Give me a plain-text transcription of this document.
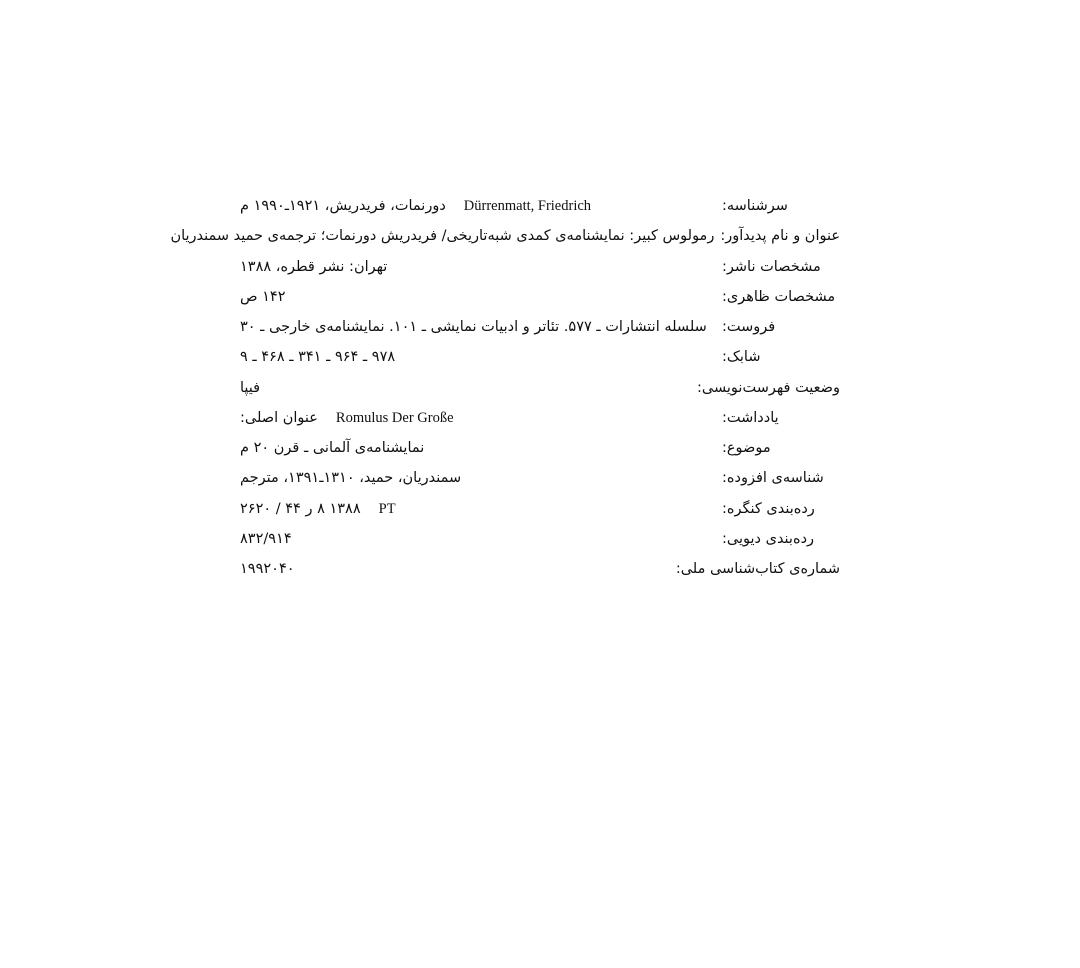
سرشناسه:
Dürrenmatt, Friedrich
دورنمات، فریدریش، ۱۹۲۱ـ۱۹۹۰ م
عنوان و نام پدیدآور:
رمولوس کبیر: نمایشنامه‌ی کمدی شبه‌تاریخی/ فریدریش دورنمات؛ ترجمه‌ی حمید سمندریان
مشخصات ناشر:
تهران: نشر قطره، ۱۳۸۸
مشخصات ظاهری:
۱۴۲ ص
فروست:
سلسله انتشارات ـ ۵۷۷. تئاتر و ادبیات نمایشی ـ ۱۰۱. نمایشنامه‌ی خارجی ـ ۳۰
شابک:
۹۷۸ ـ ۹۶۴ ـ ۳۴۱ ـ ۴۶۸ ـ ۹
وضعیت فهرست‌نویسی:
فیپا
یادداشت:
Romulus Der Große
عنوان اصلی:
موضوع:
نمایشنامه‌ی آلمانی ـ قرن ۲۰ م
شناسه‌ی افزوده:
سمندریان، حمید، ۱۳۱۰ـ۱۳۹۱، مترجم
رده‌بندی کنگره:
PT
۱۳۸۸ ۸ ر ۴۴ / ۲۶۲۰
رده‌بندی دیویی:
۸۳۲/۹۱۴
شماره‌ی کتاب‌شناسی ملی:
۱۹۹۲۰۴۰
